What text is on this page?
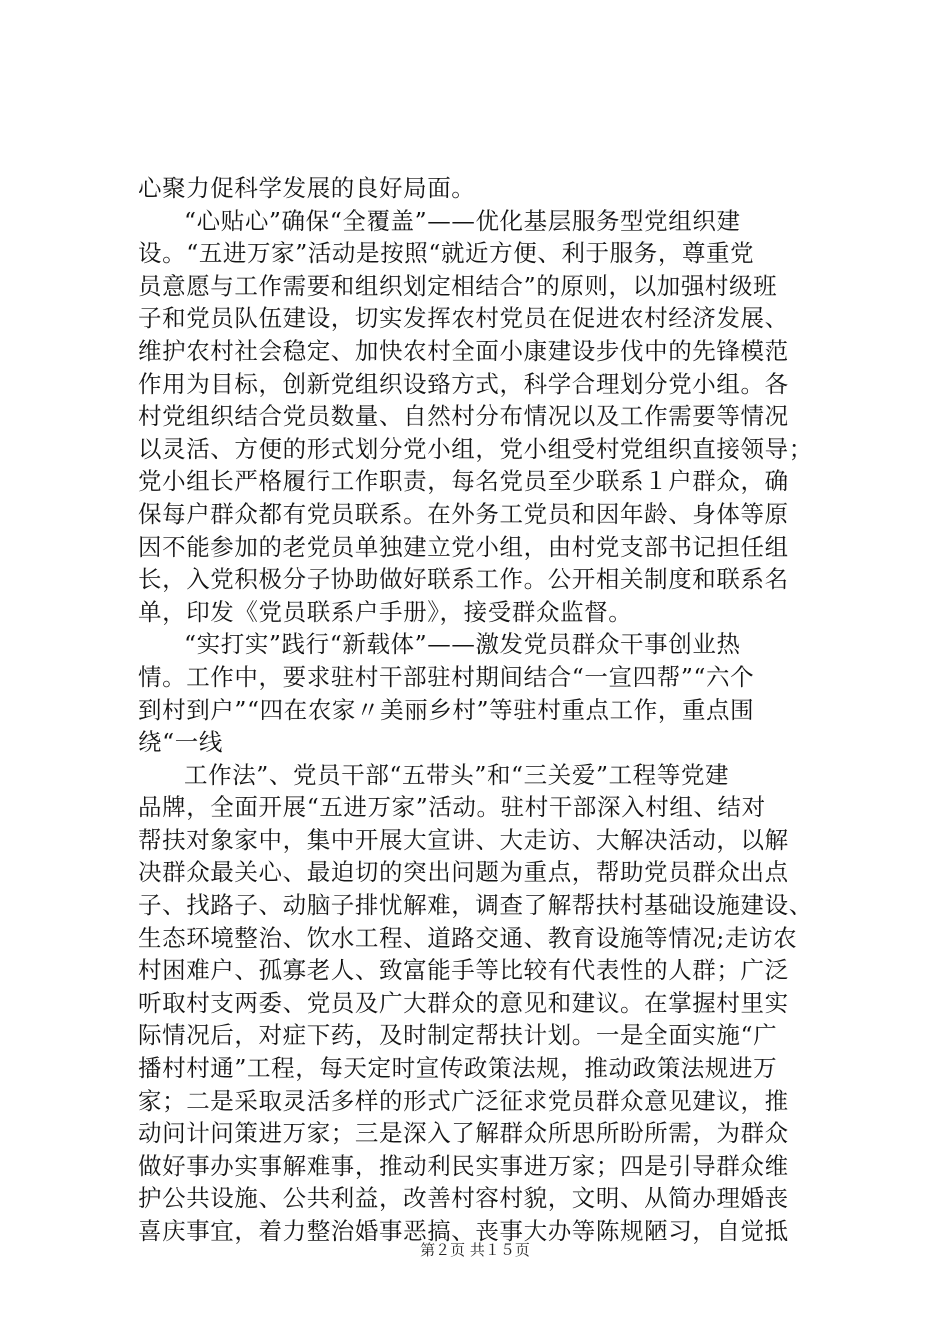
心聚力促科学发展的良好局面。
“心贴心”确保“全覆盖”——优化基层服务型党组织建
设。“五进万家”活动是按照“就近方便、利于服务，尊重党
员意愿与工作需要和组织划定相结合”的原则，以加强村级班
子和党员队伍建设，切实发挥农村党员在促进农村经济发展、
维护农村社会稳定、加快农村全面小康建设步伐中的先锋模范
作用为目标，创新党组织设臵方式，科学合理划分党小组。各
村党组织结合党员数量、自然村分布情况以及工作需要等情况
以灵活、方便的形式划分党小组，党小组受村党组织直接领导；
党小组长严格履行工作职责，每名党员至少联系１户群众，确
保每户群众都有党员联系。在外务工党员和因年龄、身体等原
因不能参加的老党员单独建立党小组，由村党支部书记担任组
长，入党积极分子协助做好联系工作。公开相关制度和联系名
单，印发《党员联系户手册》，接受群众监督。
“实打实”践行“新载体”——激发党员群众干事创业热
情。工作中，要求驻村干部驻村期间结合“一宣四帮”“六个
到村到户”“四在农家〃美丽乡村”等驻村重点工作，重点围
绕“一线
工作法”、党员干部“五带头”和“三关爱”工程等党建
品牌，全面开展“五进万家”活动。驻村干部深入村组、结对
帮扶对象家中，集中开展大宣讲、大走访、大解决活动，以解
决群众最关心、最迫切的突出问题为重点，帮助党员群众出点
子、找路子、动脑子排忧解难，调查了解帮扶村基础设施建设、
生态环境整治、饮水工程、道路交通、教育设施等情况;走访农
村困难户、孤寡老人、致富能手等比较有代表性的人群；广泛
听取村支两委、党员及广大群众的意见和建议。在掌握村里实
际情况后，对症下药，及时制定帮扶计划。一是全面实施“广
播村村通”工程，每天定时宣传政策法规，推动政策法规进万
家；二是采取灵活多样的形式广泛征求党员群众意见建议，推
动问计问策进万家；三是深入了解群众所思所盼所需，为群众
做好事办实事解难事，推动利民实事进万家；四是引导群众维
护公共设施、公共利益，改善村容村貌，文明、从简办理婚丧
喜庆事宜，着力整治婚事恶搞、丧事大办等陈规陋习，自觉抵
第２页 共１５页
